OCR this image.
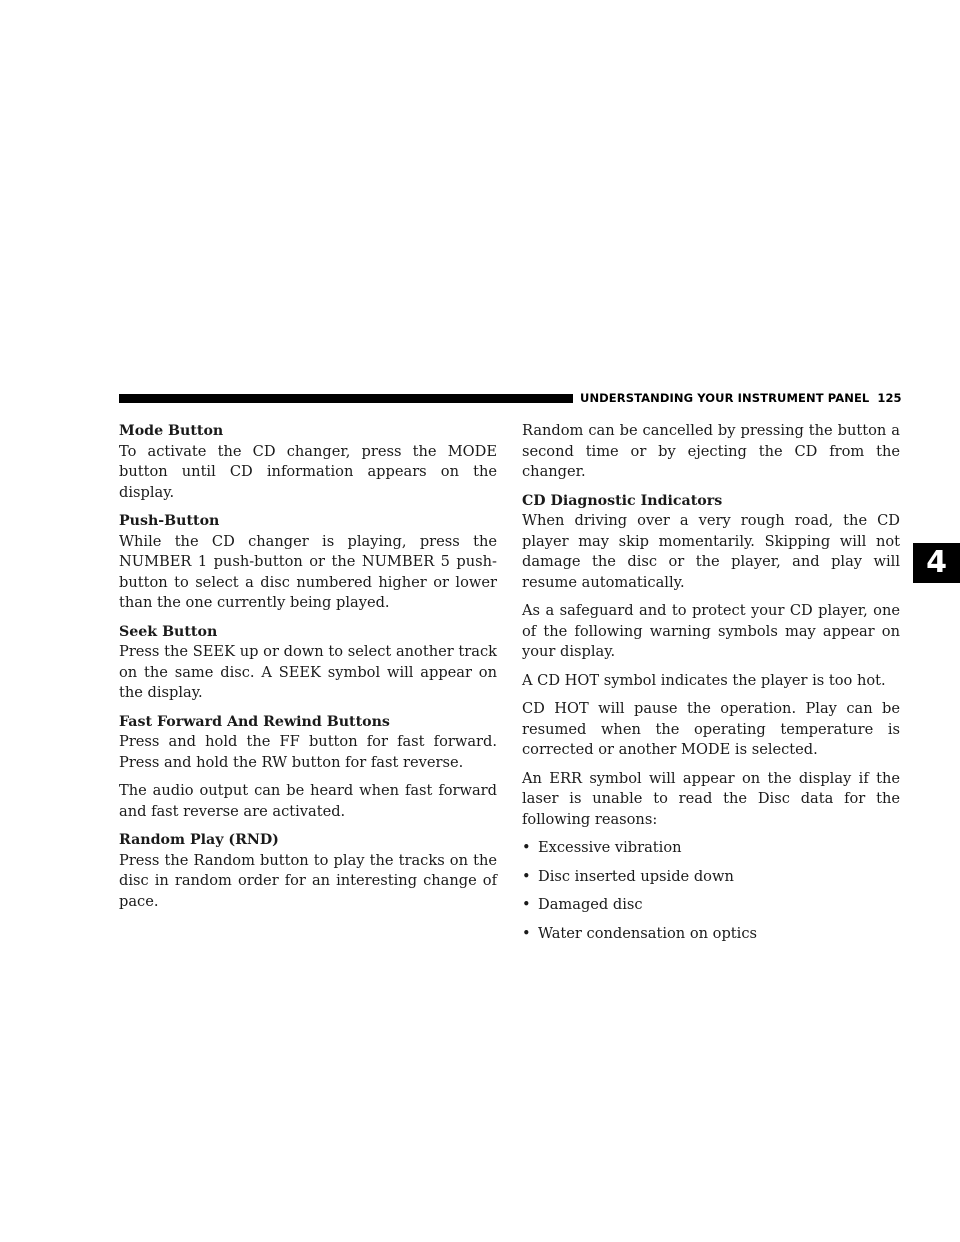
UNDERSTANDING YOUR INSTRUMENT PANEL 125
4

Mode Button

To activate the CD changer, press the MODE button until CD information appears on the display.

Push-Button

While the CD changer is playing, press the NUMBER 1 push-button or the NUMBER 5 push-button to select a disc numbered higher or lower than the one currently being played.

Seek Button

Press the SEEK up or down to select another track on the same disc. A SEEK symbol will appear on the display.

Fast Forward And Rewind Buttons

Press and hold the FF button for fast forward. Press and hold the RW button for fast reverse.

The audio output can be heard when fast forward and fast reverse are activated.

Random Play (RND)

Press the Random button to play the tracks on the disc in random order for an interesting change of pace.

Random can be cancelled by pressing the button a second time or by ejecting the CD from the changer.

CD Diagnostic Indicators

When driving over a very rough road, the CD player may skip momentarily. Skipping will not damage the disc or the player, and play will resume automatically.

As a safeguard and to protect your CD player, one of the following warning symbols may appear on your display.

A CD HOT symbol indicates the player is too hot.

CD HOT will pause the operation. Play can be resumed when the operating temperature is corrected or another MODE is selected.

An ERR symbol will appear on the display if the laser is unable to read the Disc data for the following reasons:

• Excessive vibration
• Disc inserted upside down
• Damaged disc
• Water condensation on optics
